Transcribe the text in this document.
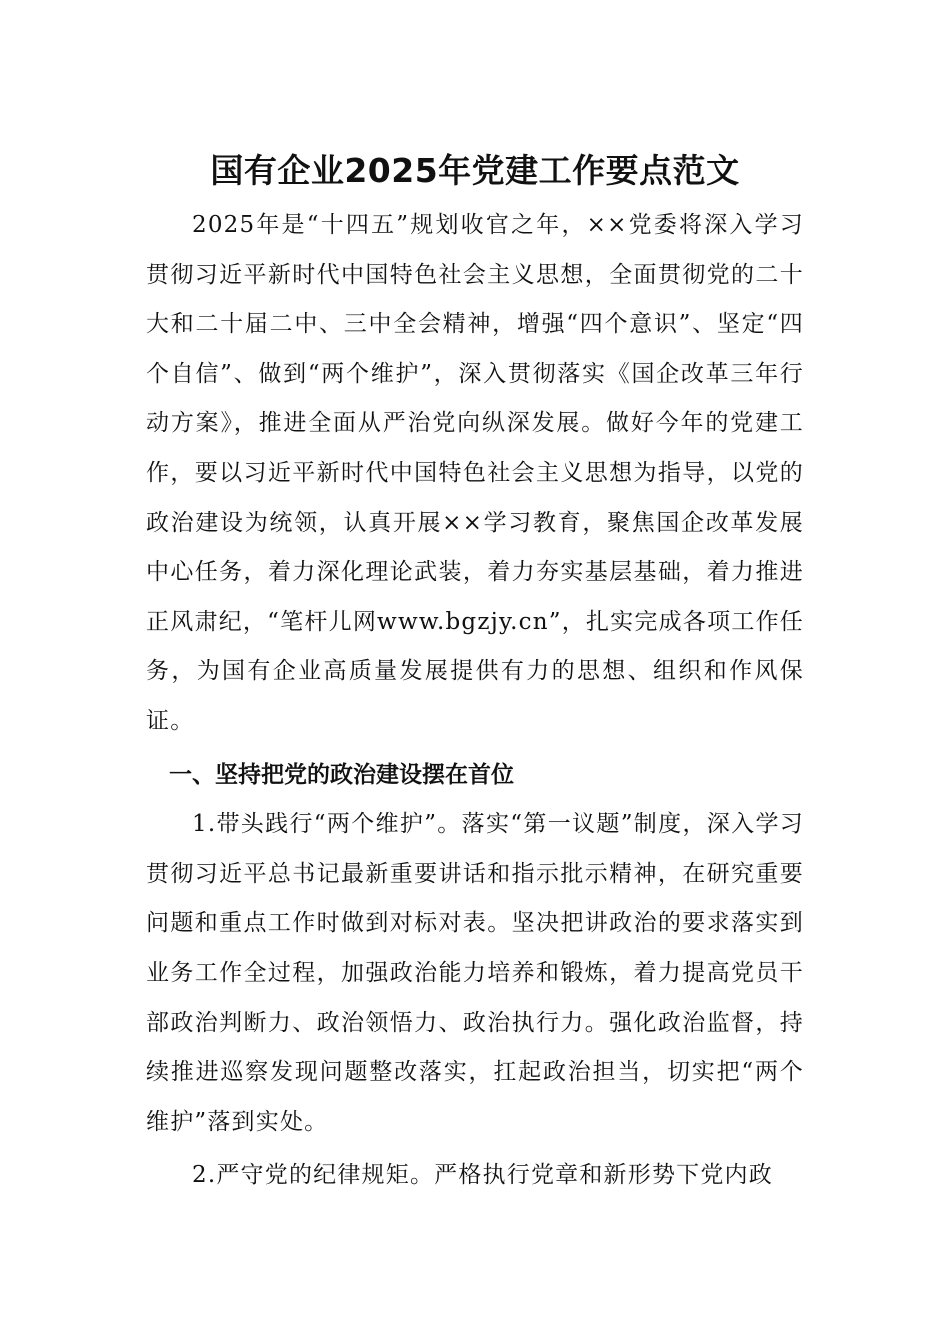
国有企业2025年党建工作要点范文

2025年是“十四五”规划收官之年，××党委将深入学习贯彻习近平新时代中国特色社会主义思想，全面贯彻党的二十大和二十届二中、三中全会精神，增强“四个意识”、坚定“四个自信”、做到“两个维护”，深入贯彻落实《国企改革三年行动方案》，推进全面从严治党向纵深发展。做好今年的党建工作，要以习近平新时代中国特色社会主义思想为指导，以党的政治建设为统领，认真开展××学习教育，聚焦国企改革发展中心任务，着力深化理论武装，着力夯实基层基础，着力推进正风肃纪，“笔杆儿网www.bgzjy.cn”，扎实完成各项工作任务，为国有企业高质量发展提供有力的思想、组织和作风保证。

一、坚持把党的政治建设摆在首位

1.带头践行“两个维护”。落实“第一议题”制度，深入学习贯彻习近平总书记最新重要讲话和指示批示精神，在研究重要问题和重点工作时做到对标对表。坚决把讲政治的要求落实到业务工作全过程，加强政治能力培养和锻炼，着力提高党员干部政治判断力、政治领悟力、政治执行力。强化政治监督，持续推进巡察发现问题整改落实，扛起政治担当，切实把“两个维护”落到实处。

2.严守党的纪律规矩。严格执行党章和新形势下党内政
